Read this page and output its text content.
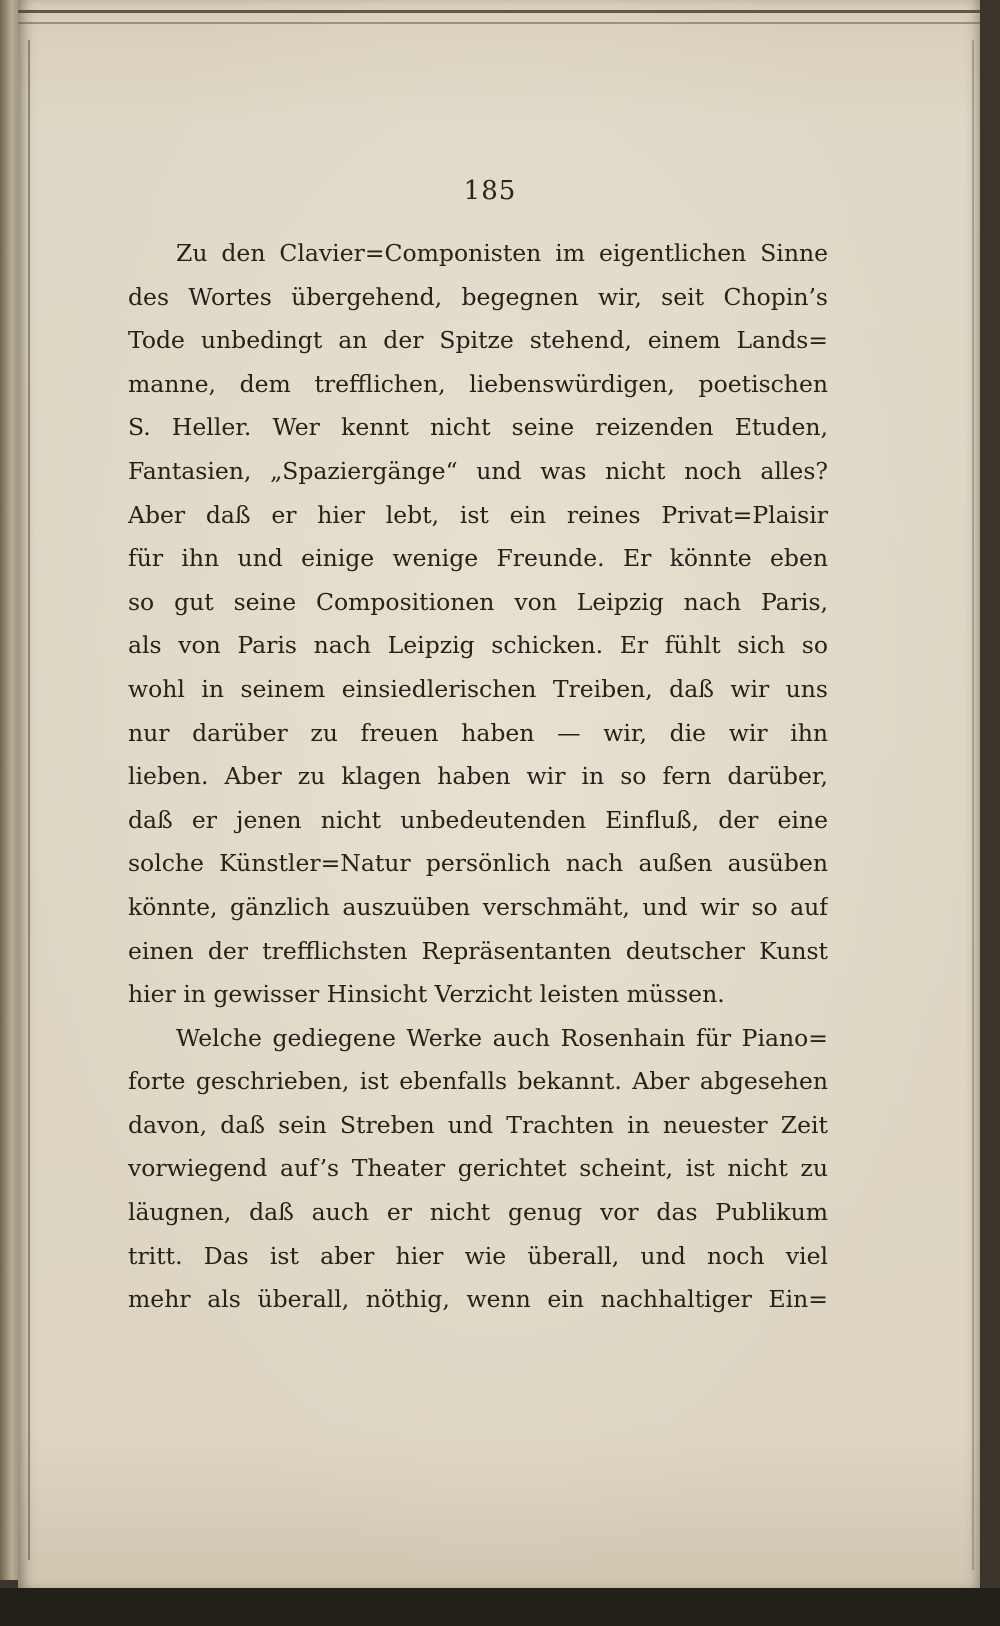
185
Zu den Clavier=Componisten im eigentlichen Sinne
des Wortes übergehend, begegnen wir, seit Chopin’s
Tode unbedingt an der Spitze stehend, einem Lands=
manne, dem trefflichen, liebenswürdigen, poetischen
S. Heller. Wer kennt nicht seine reizenden Etuden,
Fantasien, „Spaziergänge“ und was nicht noch alles?
Aber daß er hier lebt, ist ein reines Privat=Plaisir
für ihn und einige wenige Freunde. Er könnte eben
so gut seine Compositionen von Leipzig nach Paris,
als von Paris nach Leipzig schicken. Er fühlt sich so
wohl in seinem einsiedlerischen Treiben, daß wir uns
nur darüber zu freuen haben — wir, die wir ihn
lieben. Aber zu klagen haben wir in so fern darüber,
daß er jenen nicht unbedeutenden Einfluß, der eine
solche Künstler=Natur persönlich nach außen ausüben
könnte, gänzlich auszuüben verschmäht, und wir so auf
einen der trefflichsten Repräsentanten deutscher Kunst
hier in gewisser Hinsicht Verzicht leisten müssen.
Welche gediegene Werke auch Rosenhain für Piano=
forte geschrieben, ist ebenfalls bekannt. Aber abgesehen
davon, daß sein Streben und Trachten in neuester Zeit
vorwiegend auf’s Theater gerichtet scheint, ist nicht zu
läugnen, daß auch er nicht genug vor das Publikum
tritt. Das ist aber hier wie überall, und noch viel
mehr als überall, nöthig, wenn ein nachhaltiger Ein=
